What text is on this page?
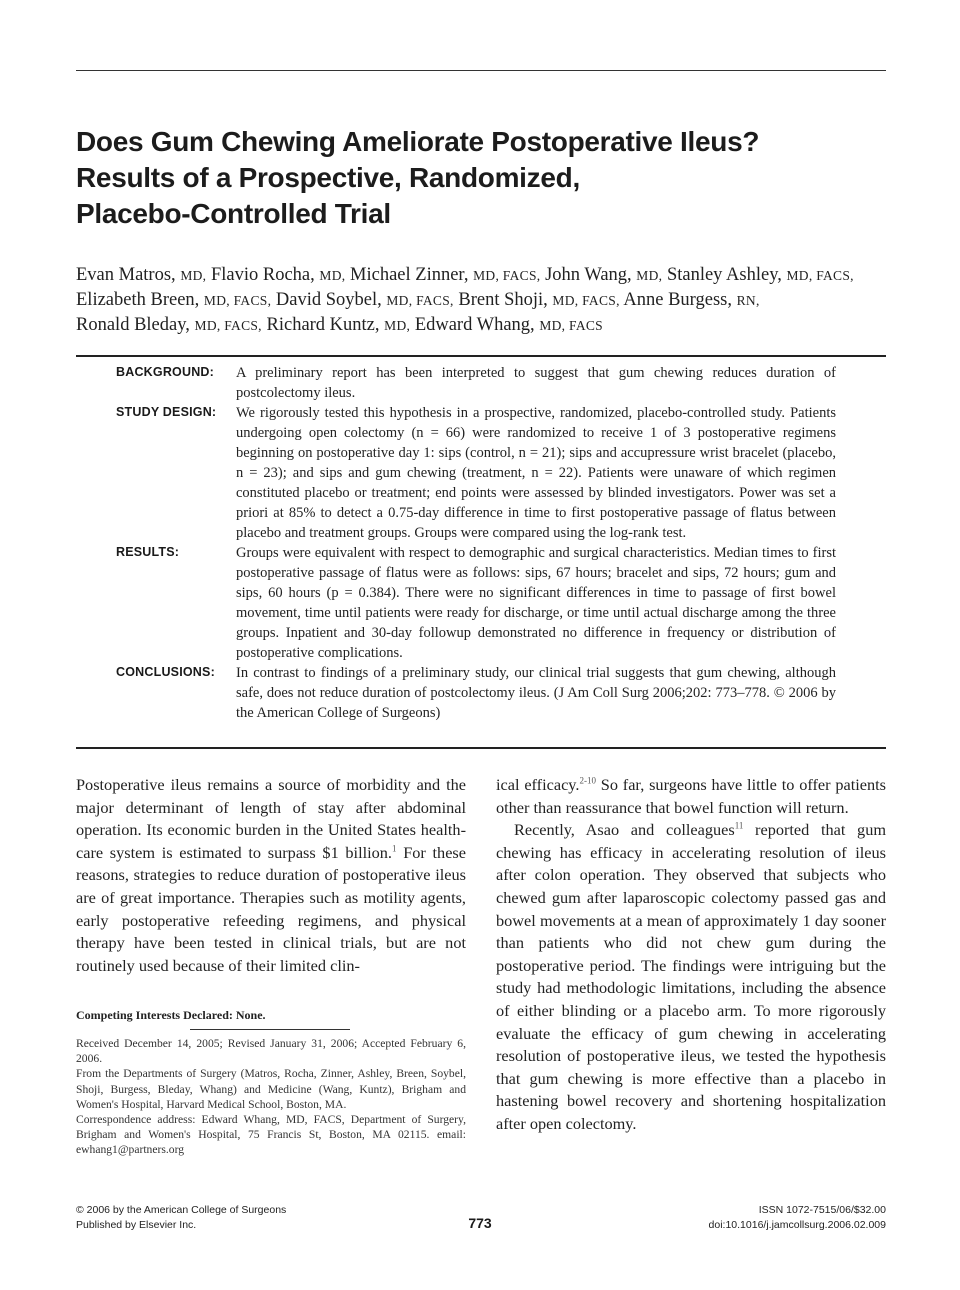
Does Gum Chewing Ameliorate Postoperative Ileus?
Results of a Prospective, Randomized,
Placebo-Controlled Trial
Evan Matros, MD, Flavio Rocha, MD, Michael Zinner, MD, FACS, John Wang, MD, Stanley Ashley, MD, FACS,
Elizabeth Breen, MD, FACS, David Soybel, MD, FACS, Brent Shoji, MD, FACS, Anne Burgess, RN,
Ronald Bleday, MD, FACS, Richard Kuntz, MD, Edward Whang, MD, FACS
BACKGROUND: A preliminary report has been interpreted to suggest that gum chewing reduces duration of postcolectomy ileus.
STUDY DESIGN: We rigorously tested this hypothesis in a prospective, randomized, placebo-controlled study. Patients undergoing open colectomy (n = 66) were randomized to receive 1 of 3 postoperative regimens beginning on postoperative day 1: sips (control, n = 21); sips and accupressure wrist bracelet (placebo, n = 23); and sips and gum chewing (treatment, n = 22). Patients were unaware of which regimen constituted placebo or treatment; end points were assessed by blinded investigators. Power was set a priori at 85% to detect a 0.75-day difference in time to first postoperative passage of flatus between placebo and treatment groups. Groups were compared using the log-rank test.
RESULTS:	Groups were equivalent with respect to demographic and surgical characteristics. Median times to first postoperative passage of flatus were as follows: sips, 67 hours; bracelet and sips, 72 hours; gum and sips, 60 hours (p = 0.384). There were no significant differences in time to passage of first bowel movement, time until patients were ready for discharge, or time until actual discharge among the three groups. Inpatient and 30-day followup demonstrated no difference in frequency or distribution of postoperative complications.
CONCLUSIONS: In contrast to findings of a preliminary study, our clinical trial suggests that gum chewing, although safe, does not reduce duration of postcolectomy ileus. (J Am Coll Surg 2006;202: 773–778. © 2006 by the American College of Surgeons)

Postoperative ileus remains a source of morbidity and the major determinant of length of stay after abdominal operation. Its economic burden in the United States health-care system is estimated to surpass $1 billion.$^1$ For these reasons, strategies to reduce duration of postoperative ileus are of great importance. Therapies such as motility agents, early postoperative refeeding regimens, and physical therapy have been tested in clinical trials, but are not routinely used because of their limited clin-

ical efficacy.$^{2-10}$ So far, surgeons have little to offer patients other than reassurance that bowel function will return.

Recently, Asao and colleagues$^{11}$ reported that gum chewing has efficacy in accelerating resolution of ileus after colon operation. They observed that subjects who chewed gum after laparoscopic colectomy passed gas and bowel movements at a mean of approximately 1 day sooner than patients who did not chew gum during the postoperative period. The findings were intriguing but the study had methodologic limitations, including the absence of either blinding or a placebo arm. To more rigorously evaluate the efficacy of gum chewing in accelerating resolution of postoperative ileus, we tested the hypothesis that gum chewing is more effective than a placebo in hastening bowel recovery and shortening hospitalization after open colectomy.

Competing Interests Declared: None.

Received December 14, 2005; Revised January 31, 2006; Accepted February 6, 2006.

From the Departments of Surgery (Matros, Rocha, Zinner, Ashley, Breen, Soybel, Shoji, Burgess, Bleday, Whang) and Medicine (Wang, Kuntz), Brigham and Women's Hospital, Harvard Medical School, Boston, MA.

Correspondence address: Edward Whang, MD, FACS, Department of Surgery, Brigham and Women's Hospital, 75 Francis St, Boston, MA 02115. email: ewhang1@partners.org

© 2006 by the American College of Surgeons
Published by Elsevier Inc.	773
ISSN 1072-7515/06/$32.00
doi:10.1016/j.jamcollsurg.2006.02.009
